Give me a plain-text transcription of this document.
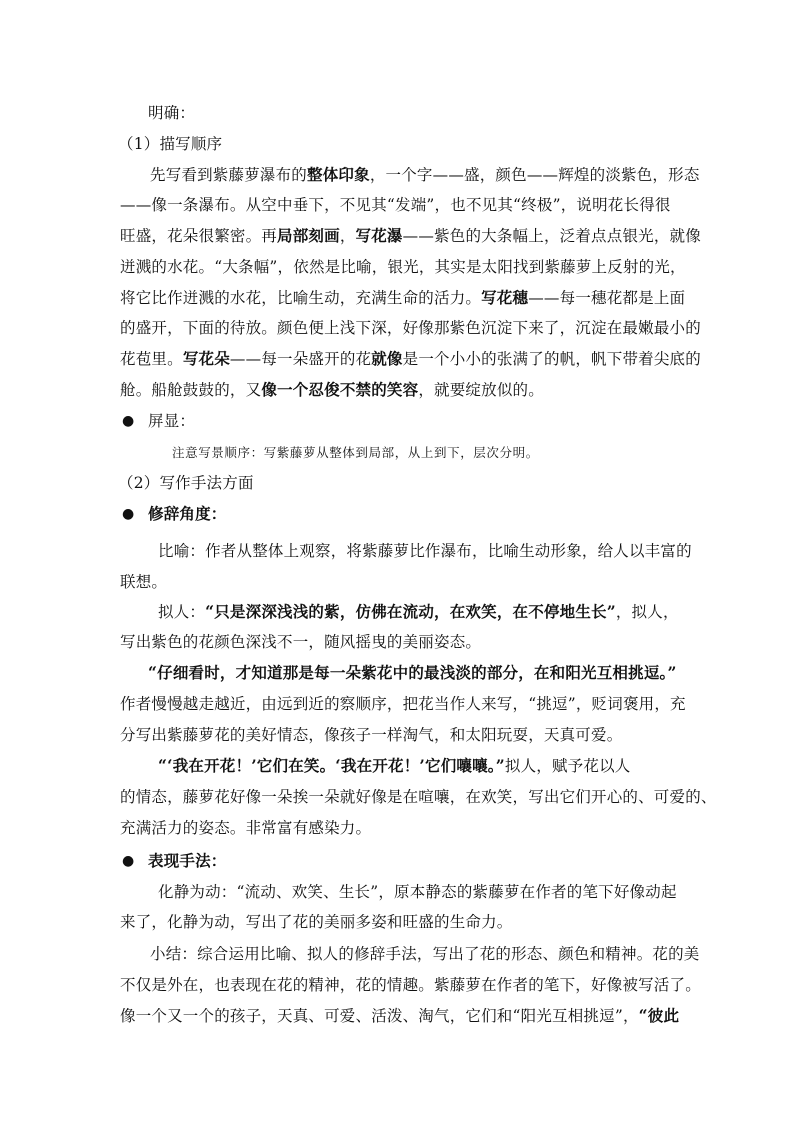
明确：
（1）描写顺序
先写看到紫藤萝瀑布的整体印象，一个字——盛，颜色——辉煌的淡紫色，形态
——像一条瀑布。从空中垂下，不见其“发端”，也不见其“终极”，说明花长得很
旺盛，花朵很繁密。再局部刻画，写花瀑——紫色的大条幅上，泛着点点银光，就像
迸溅的水花。“大条幅”，依然是比喻，银光，其实是太阳找到紫藤萝上反射的光，
将它比作迸溅的水花，比喻生动，充满生命的活力。写花穗——每一穗花都是上面
的盛开，下面的待放。颜色便上浅下深，好像那紫色沉淀下来了，沉淀在最嫩最小的
花苞里。写花朵——每一朵盛开的花就像是一个小小的张满了的帆，帆下带着尖底的
舱。船舱鼓鼓的，又像一个忍俊不禁的笑容，就要绽放似的。
● 屏显：
注意写景顺序：写紫藤萝从整体到局部，从上到下，层次分明。
（2）写作手法方面
● 修辞角度：
比喻：作者从整体上观察，将紫藤萝比作瀑布，比喻生动形象，给人以丰富的
联想。
拟人：“只是深深浅浅的紫，仿佛在流动，在欢笑，在不停地生长”，拟人，
写出紫色的花颜色深浅不一，随风摇曳的美丽姿态。
“仔细看时，才知道那是每一朵紫花中的最浅淡的部分，在和阳光互相挑逗。”
作者慢慢越走越近，由远到近的察顺序，把花当作人来写，“挑逗”，贬词褒用，充
分写出紫藤萝花的美好情态，像孩子一样淘气，和太阳玩耍，天真可爱。
“‘我在开花！’它们在笑。‘我在开花！’它们嚷嚷。”拟人，赋予花以人
的情态，藤萝花好像一朵挨一朵就好像是在喧嚷，在欢笑，写出它们开心的、可爱的、
充满活力的姿态。非常富有感染力。
● 表现手法：
化静为动：“流动、欢笑、生长”，原本静态的紫藤萝在作者的笔下好像动起
来了，化静为动，写出了花的美丽多姿和旺盛的生命力。
小结：综合运用比喻、拟人的修辞手法，写出了花的形态、颜色和精神。花的美
不仅是外在，也表现在花的精神，花的情趣。紫藤萝在作者的笔下，好像被写活了。
像一个又一个的孩子，天真、可爱、活泼、淘气，它们和“阳光互相挑逗”，“彼此
